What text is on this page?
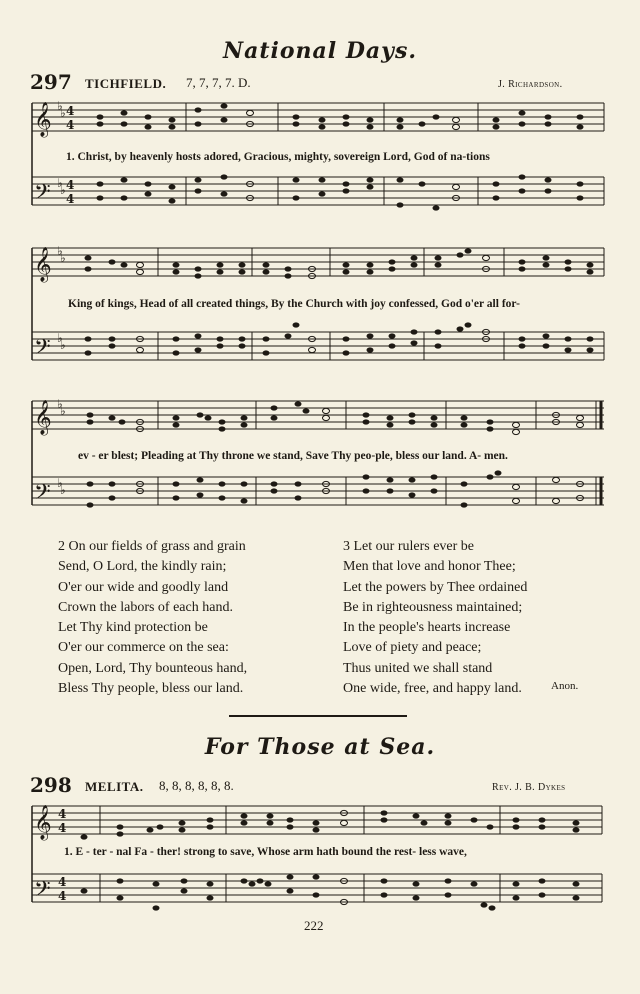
National Days.
297 TICHFIELD. 7, 7, 7, 7. D.	J. Richardson.
𝄞
𝄢
4
4
4
4
♭
♭
♭
♭
1. Christ, by heavenly hosts adored, Gracious, mighty, sovereign Lord, God of na-tions
𝄞
𝄢
♭
♭
♭
♭
King of kings, Head of all created things, By the Church with joy confessed, God o'er all for-
𝄞
𝄢
♭
♭
♭
♭
ev - er blest; Pleading at Thy throne we stand, Save Thy peo-ple, bless our land. A- men.
2 On our fields of grass and grain
Send, O Lord, the kindly rain;
O'er our wide and goodly land
Crown the labors of each hand.
Let Thy kind protection be
O'er our commerce on the sea:
Open, Lord, Thy bounteous hand,
Bless Thy people, bless our land.
3 Let our rulers ever be
Men that love and honor Thee;
Let the powers by Thee ordained
Be in righteousness maintained;
In the people's hearts increase
Love of piety and peace;
Thus united we shall stand
One wide, free, and happy land.	Anon.
For Those at Sea.
298 MELITA. 8, 8, 8, 8, 8, 8.	Rev. J. B. Dykes
𝄞
𝄢
4
4
4
4
1. E - ter - nal Fa - ther! strong to save, Whose arm hath bound the rest- less wave,
222
